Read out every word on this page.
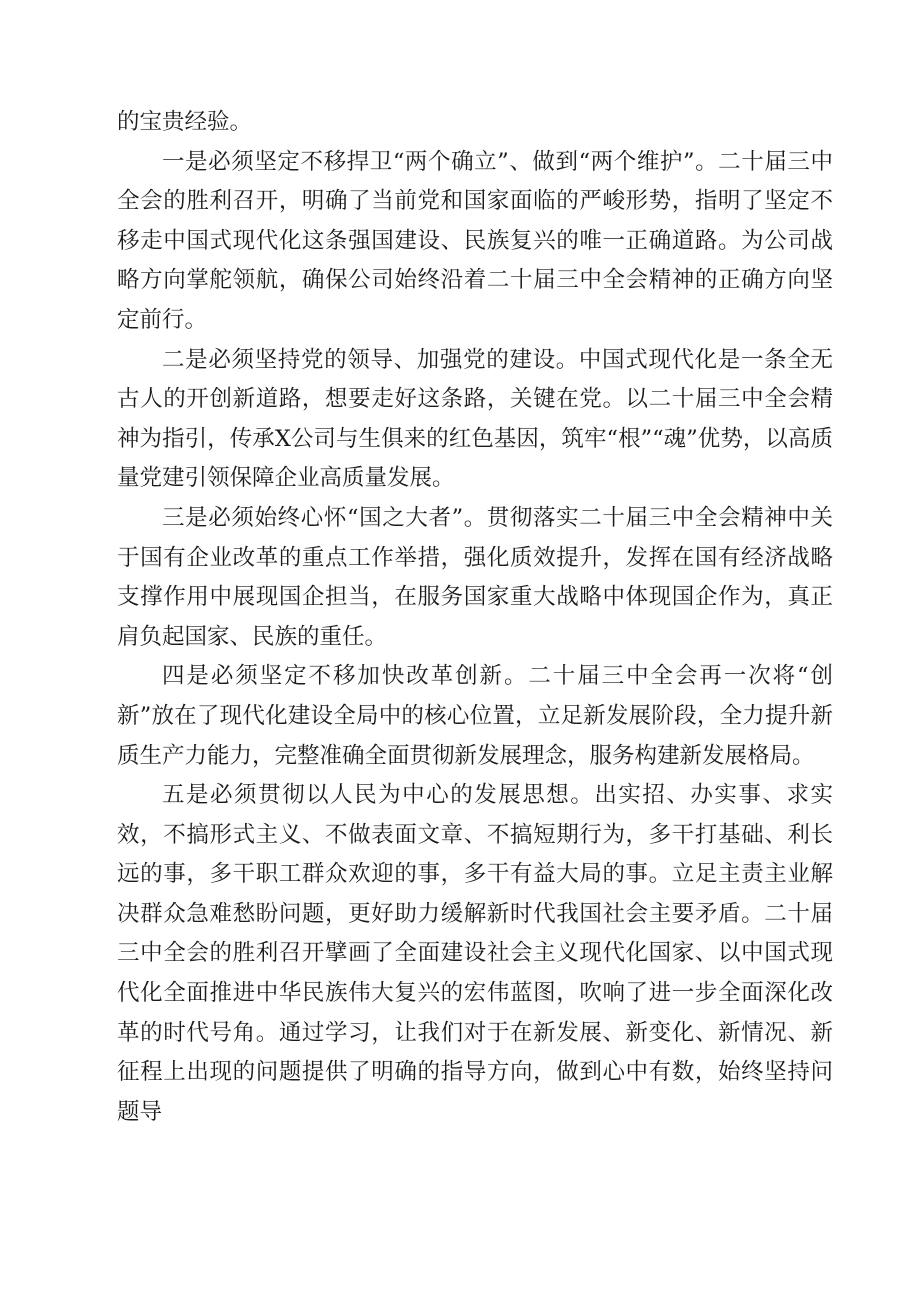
的宝贵经验。

一是必须坚定不移捍卫“两个确立”、做到“两个维护”。二十届三中全会的胜利召开，明确了当前党和国家面临的严峻形势，指明了坚定不移走中国式现代化这条强国建设、民族复兴的唯一正确道路。为公司战略方向掌舵领航，确保公司始终沿着二十届三中全会精神的正确方向坚定前行。

二是必须坚持党的领导、加强党的建设。中国式现代化是一条全无古人的开创新道路，想要走好这条路，关键在党。以二十届三中全会精神为指引，传承X公司与生俱来的红色基因，筑牢“根”“魂”优势，以高质量党建引领保障企业高质量发展。

三是必须始终心怀“国之大者”。贯彻落实二十届三中全会精神中关于国有企业改革的重点工作举措，强化质效提升，发挥在国有经济战略支撑作用中展现国企担当，在服务国家重大战略中体现国企作为，真正肩负起国家、民族的重任。

四是必须坚定不移加快改革创新。二十届三中全会再一次将“创新”放在了现代化建设全局中的核心位置，立足新发展阶段，全力提升新质生产力能力，完整准确全面贯彻新发展理念，服务构建新发展格局。

五是必须贯彻以人民为中心的发展思想。出实招、办实事、求实效，不搞形式主义、不做表面文章、不搞短期行为，多干打基础、利长远的事，多干职工群众欢迎的事，多干有益大局的事。立足主责主业解决群众急难愁盼问题，更好助力缓解新时代我国社会主要矛盾。二十届三中全会的胜利召开擘画了全面建设社会主义现代化国家、以中国式现代化全面推进中华民族伟大复兴的宏伟蓝图，吹响了进一步全面深化改革的时代号角。通过学习，让我们对于在新发展、新变化、新情况、新征程上出现的问题提供了明确的指导方向，做到心中有数，始终坚持问题导
